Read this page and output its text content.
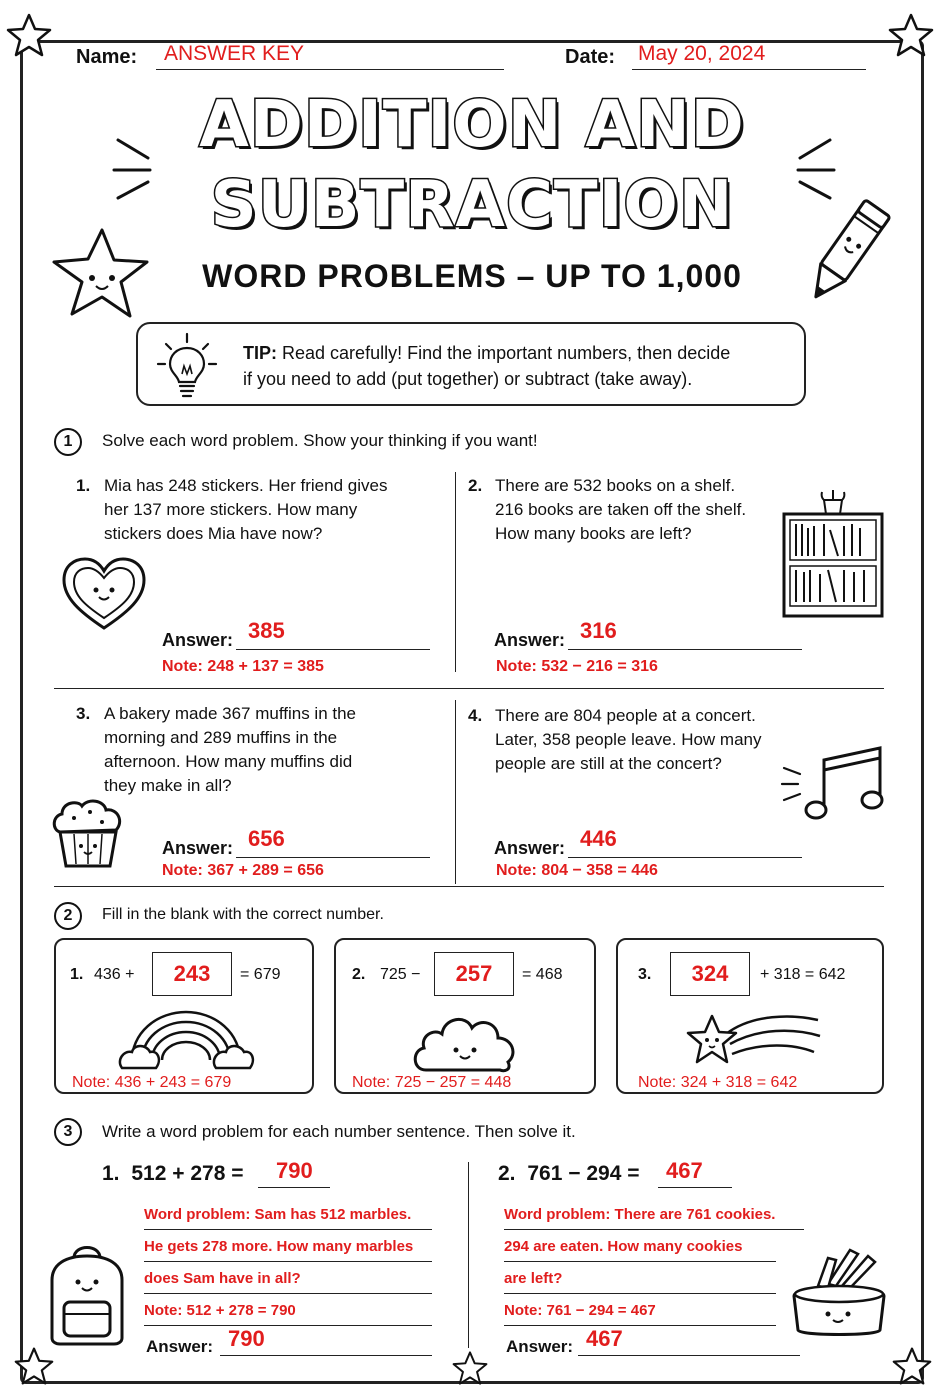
Name: ANSWER KEY	Date: May 20, 2024
ADDITION AND
SUBTRACTION
WORD PROBLEMS – UP TO 1,000
TIP: Read carefully! Find the important numbers, then decide
if you need to add (put together) or subtract (take away).
1	Solve each word problem. Show your thinking if you want!
1. Mia has 248 stickers. Her friend gives
her 137 more stickers. How many
stickers does Mia have now?
Answer: 385
Note: 248 + 137 = 385
2. There are 532 books on a shelf.
216 books are taken off the shelf.
How many books are left?
Answer: 316
Note: 532 − 216 = 316
3. A bakery made 367 muffins in the
morning and 289 muffins in the
afternoon. How many muffins did
they make in all?
Answer: 656
Note: 367 + 289 = 656
4. There are 804 people at a concert.
Later, 358 people leave. How many
people are still at the concert?
Answer: 446
Note: 804 − 358 = 446
2	Fill in the blank with the correct number.
1. 436 +	243	= 679
Note: 436 + 243 = 679
2. 725 −	257	= 468
Note: 725 − 257 = 448
3.	324	+ 318 = 642
Note: 324 + 318 = 642
3	Write a word problem for each number sentence. Then solve it.
1. 512 + 278 = 790
Word problem: Sam has 512 marbles.
He gets 278 more. How many marbles
does Sam have in all?
Note: 512 + 278 = 790
Answer: 790
2. 761 − 294 = 467
Word problem: There are 761 cookies.
294 are eaten. How many cookies
are left?
Note: 761 − 294 = 467
Answer: 467
